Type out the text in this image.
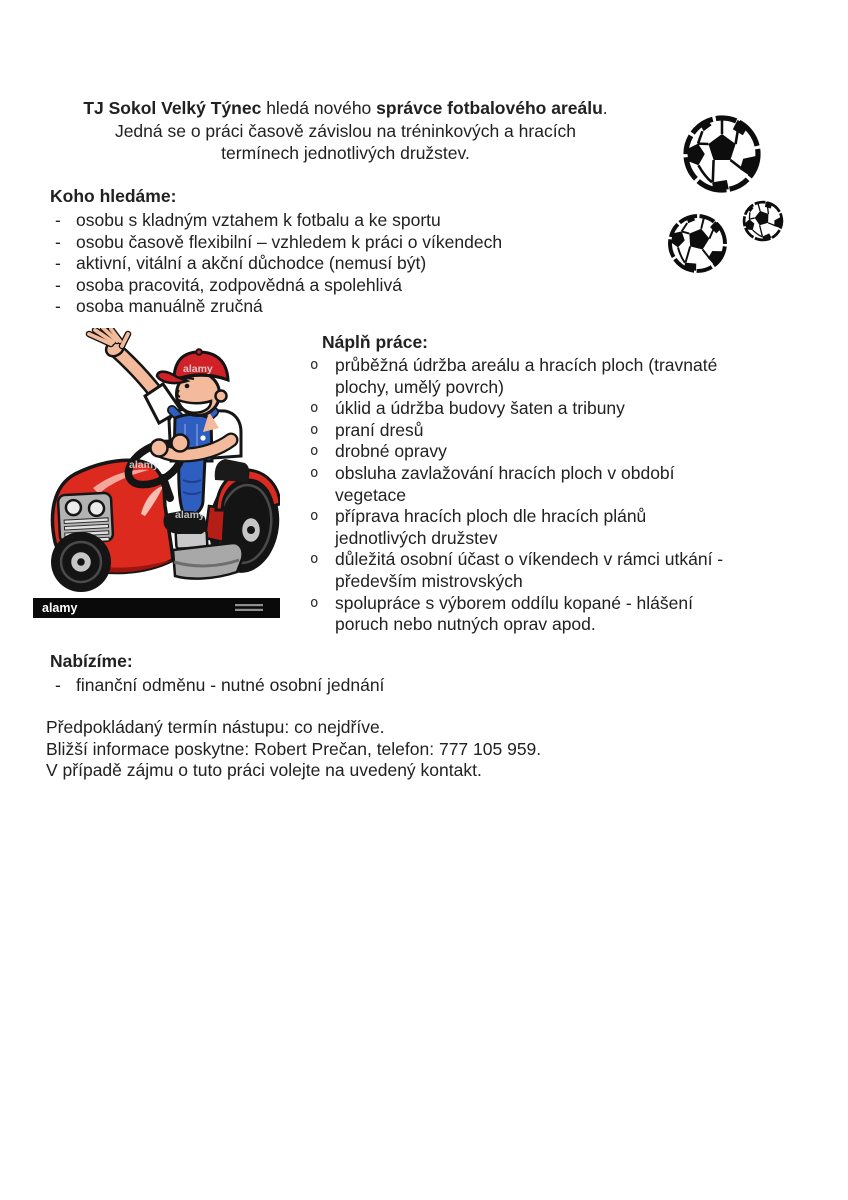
TJ Sokol Velký Týnec hledá nového správce fotbalového areálu.

Jedná se o práci časově závislou na tréninkových a hracích

termínech jednotlivých družstev.

Koho hledáme:
- osobu s kladným vztahem k fotbalu a ke sportu
- osobu časově flexibilní – vzhledem k práci o víkendech
- aktivní, vitální a akční důchodce (nemusí být)
- osoba pracovitá, zodpovědná a spolehlivá
- osoba manuálně zručná
alamy
alamy
alamy
alamy
Náplň práce:
o průběžná údržba areálu a hracích ploch (travnaté
plochy, umělý povrch)
o úklid a údržba budovy šaten a tribuny
o praní dresů
o drobné opravy
o obsluha zavlažování hracích ploch v období
vegetace
o příprava hracích ploch dle hracích plánů
jednotlivých družstev
o důležitá osobní účast o víkendech v rámci utkání -
především mistrovských
o spolupráce s výborem oddílu kopané - hlášení
poruch nebo nutných oprav apod.
Nabízíme:
- finanční odměnu - nutné osobní jednání

Předpokládaný termín nástupu: co nejdříve.

Bližší informace poskytne: Robert Prečan, telefon: 777 105 959.

V případě zájmu o tuto práci volejte na uvedený kontakt.
